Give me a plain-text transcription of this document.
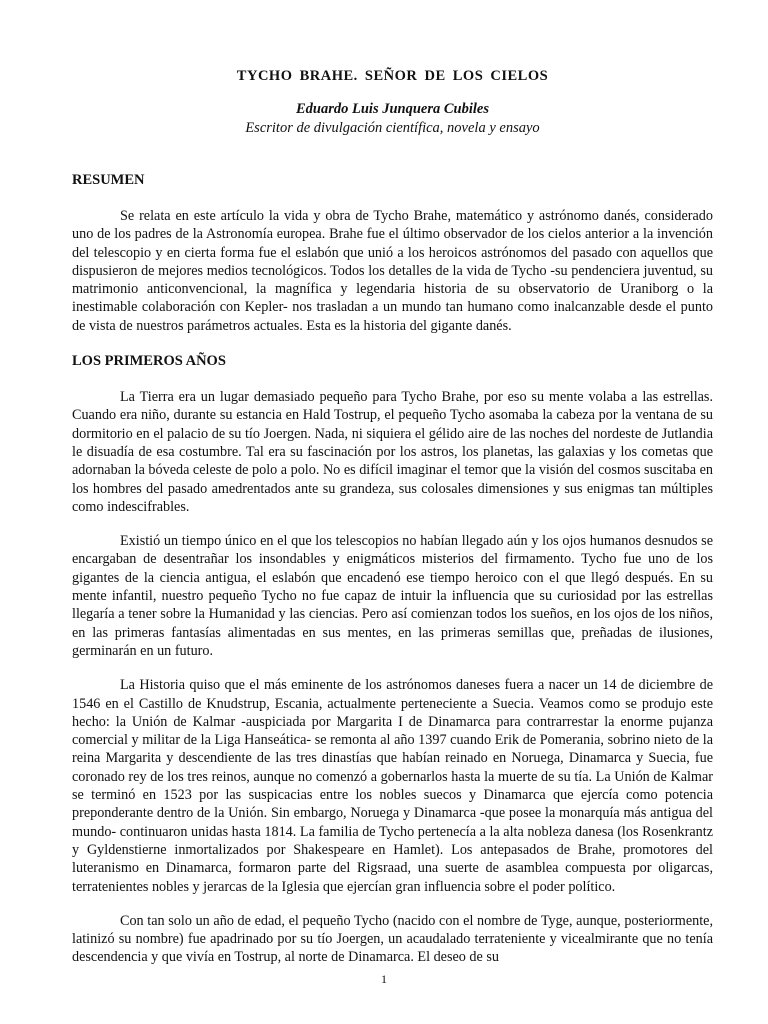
TYCHO BRAHE. SEÑOR DE LOS CIELOS

Eduardo Luis Junquera Cubiles

Escritor de divulgación científica, novela y ensayo

RESUMEN

Se relata en este artículo la vida y obra de Tycho Brahe, matemático y astrónomo danés, considerado uno de los padres de la Astronomía europea. Brahe fue el último observador de los cielos anterior a la invención del telescopio y en cierta forma fue el eslabón que unió a los heroicos astrónomos del pasado con aquellos que dispusieron de mejores medios tecnológicos. Todos los detalles de la vida de Tycho -su pendenciera juventud, su matrimonio anticonvencional, la magnífica y legendaria historia de su observatorio de Uraniborg o la inestimable colaboración con Kepler- nos trasladan a un mundo tan humano como inalcanzable desde el punto de vista de nuestros parámetros actuales. Esta es la historia del gigante danés.

LOS PRIMEROS AÑOS

La Tierra era un lugar demasiado pequeño para Tycho Brahe, por eso su mente volaba a las estrellas. Cuando era niño, durante su estancia en Hald Tostrup, el pequeño Tycho asomaba la cabeza por la ventana de su dormitorio en el palacio de su tío Joergen. Nada, ni siquiera el gélido aire de las noches del nordeste de Jutlandia le disuadía de esa costumbre. Tal era su fascinación por los astros, los planetas, las galaxias y los cometas que adornaban la bóveda celeste de polo a polo. No es difícil imaginar el temor que la visión del cosmos suscitaba en los hombres del pasado amedrentados ante su grandeza, sus colosales dimensiones y sus enigmas tan múltiples como indescifrables.

Existió un tiempo único en el que los telescopios no habían llegado aún y los ojos humanos desnudos se encargaban de desentrañar los insondables y enigmáticos misterios del firmamento. Tycho fue uno de los gigantes de la ciencia antigua, el eslabón que encadenó ese tiempo heroico con el que llegó después. En su mente infantil, nuestro pequeño Tycho no fue capaz de intuir la influencia que su curiosidad por las estrellas llegaría a tener sobre la Humanidad y las ciencias. Pero así comienzan todos los sueños, en los ojos de los niños, en las primeras fantasías alimentadas en sus mentes, en las primeras semillas que, preñadas de ilusiones, germinarán en un futuro.

La Historia quiso que el más eminente de los astrónomos daneses fuera a nacer un 14 de diciembre de 1546 en el Castillo de Knudstrup, Escania, actualmente perteneciente a Suecia. Veamos como se produjo este hecho: la Unión de Kalmar -auspiciada por Margarita I de Dinamarca para contrarrestar la enorme pujanza comercial y militar de la Liga Hanseática- se remonta al año 1397 cuando Erik de Pomerania, sobrino nieto de la reina Margarita y descendiente de las tres dinastías que habían reinado en Noruega, Dinamarca y Suecia, fue coronado rey de los tres reinos, aunque no comenzó a gobernarlos hasta la muerte de su tía. La Unión de Kalmar se terminó en 1523 por las suspicacias entre los nobles suecos y Dinamarca que ejercía como potencia preponderante dentro de la Unión. Sin embargo, Noruega y Dinamarca -que posee la monarquía más antigua del mundo- continuaron unidas hasta 1814. La familia de Tycho pertenecía a la alta nobleza danesa (los Rosenkrantz y Gyldenstierne inmortalizados por Shakespeare en Hamlet). Los antepasados de Brahe, promotores del luteranismo en Dinamarca, formaron parte del Rigsraad, una suerte de asamblea compuesta por oligarcas, terratenientes nobles y jerarcas de la Iglesia que ejercían gran influencia sobre el poder político.

Con tan solo un año de edad, el pequeño Tycho (nacido con el nombre de Tyge, aunque, posteriormente, latinizó su nombre) fue apadrinado por su tío Joergen, un acaudalado terrateniente y vicealmirante que no tenía descendencia y que vivía en Tostrup, al norte de Dinamarca. El deseo de su

1
